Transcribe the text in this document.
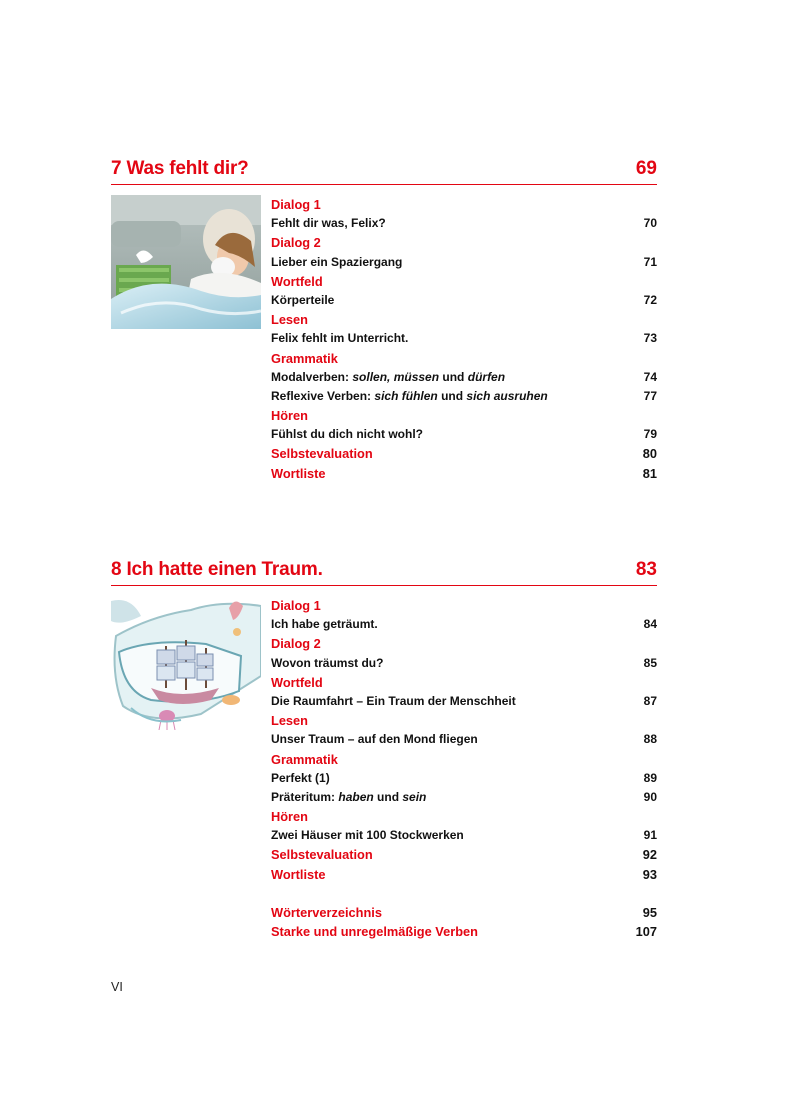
7 Was fehlt dir?	69
Dialog 1
Fehlt dir was, Felix?	70
Dialog 2
Lieber ein Spaziergang	71
Wortfeld
Körperteile	72
Lesen
Felix fehlt im Unterricht.	73
Grammatik
Modalverben: sollen, müssen und dürfen	74
Reflexive Verben: sich fühlen und sich ausruhen	77
Hören
Fühlst du dich nicht wohl?	79
Selbstevaluation	80
Wortliste	81
8 Ich hatte einen Traum.	83
Dialog 1
Ich habe geträumt.	84
Dialog 2
Wovon träumst du?	85
Wortfeld
Die Raumfahrt – Ein Traum der Menschheit	87
Lesen
Unser Traum – auf den Mond fliegen	88
Grammatik
Perfekt (1)	89
Präteritum: haben und sein	90
Hören
Zwei Häuser mit 100 Stockwerken	91
Selbstevaluation	92
Wortliste	93
Wörterverzeichnis	95
Starke und unregelmäßige Verben	107
VI
